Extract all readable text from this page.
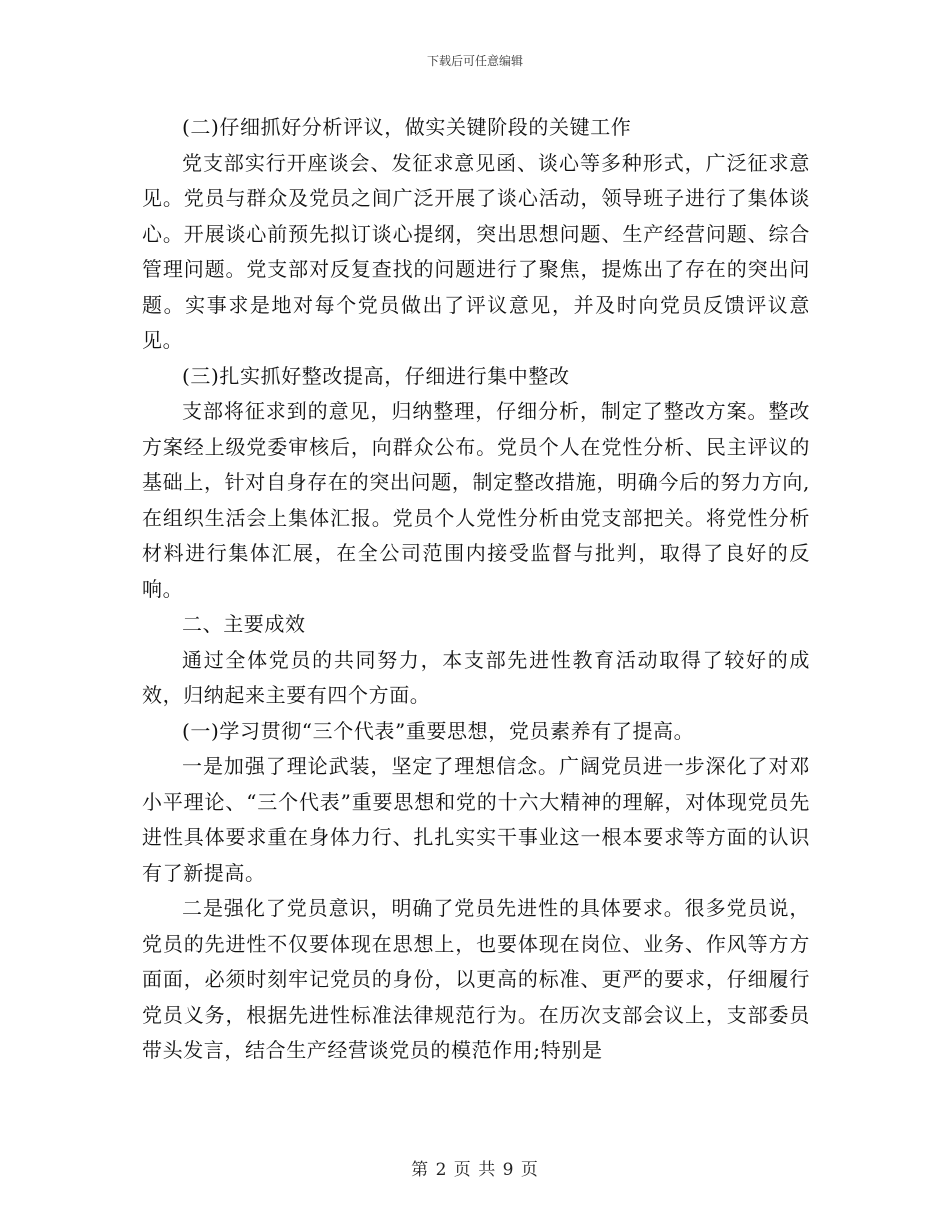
下载后可任意编辑

(二)仔细抓好分析评议，做实关键阶段的关键工作

党支部实行开座谈会、发征求意见函、谈心等多种形式，广泛征求意见。党员与群众及党员之间广泛开展了谈心活动，领导班子进行了集体谈心。开展谈心前预先拟订谈心提纲，突出思想问题、生产经营问题、综合管理问题。党支部对反复查找的问题进行了聚焦，提炼出了存在的突出问题。实事求是地对每个党员做出了评议意见，并及时向党员反馈评议意见。

(三)扎实抓好整改提高，仔细进行集中整改

支部将征求到的意见，归纳整理，仔细分析，制定了整改方案。整改方案经上级党委审核后，向群众公布。党员个人在党性分析、民主评议的基础上，针对自身存在的突出问题，制定整改措施，明确今后的努力方向,在组织生活会上集体汇报。党员个人党性分析由党支部把关。将党性分析材料进行集体汇展，在全公司范围内接受监督与批判，取得了良好的反响。

二、主要成效

通过全体党员的共同努力，本支部先进性教育活动取得了较好的成效，归纳起来主要有四个方面。

(一)学习贯彻“三个代表”重要思想，党员素养有了提高。

一是加强了理论武装，坚定了理想信念。广阔党员进一步深化了对邓小平理论、“三个代表”重要思想和党的十六大精神的理解，对体现党员先进性具体要求重在身体力行、扎扎实实干事业这一根本要求等方面的认识有了新提高。

二是强化了党员意识，明确了党员先进性的具体要求。很多党员说，党员的先进性不仅要体现在思想上，也要体现在岗位、业务、作风等方方面面，必须时刻牢记党员的身份，以更高的标准、更严的要求，仔细履行党员义务，根据先进性标准法律规范行为。在历次支部会议上，支部委员带头发言，结合生产经营谈党员的模范作用;特别是

第 2 页 共 9 页
